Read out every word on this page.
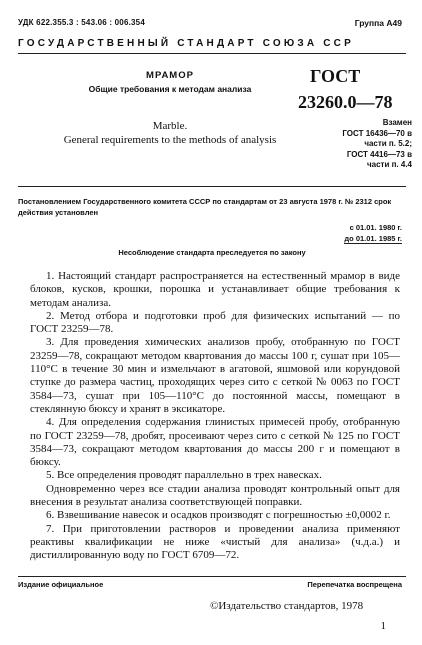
УДК 622.355.3 : 543.06 : 006.354	Группа А49
ГОСУДАРСТВЕННЫЙ СТАНДАРТ СОЮЗА ССР
МРАМОР
Общие требования к методам анализа
Marble.
General requirements to the methods of analysis
ГОСТ
23260.0—78
Взамен
ГОСТ 16436—70 в
части п. 5.2;
ГОСТ 4416—73 в
части п. 4.4
Постановлением Государственного комитета СССР по стандартам от 23 августа 1978 г. № 2312 срок действия установлен
с 01.01. 1980 г.
до 01.01. 1985 г.
Несоблюдение стандарта преследуется по закону

1. Настоящий стандарт распространяется на естественный мрамор в виде блоков, кусков, крошки, порошка и устанавливает общие требования к методам анализа.

2. Метод отбора и подготовки проб для физических испытаний — по ГОСТ 23259—78.

3. Для проведения химических анализов пробу, отобранную по ГОСТ 23259—78, сокращают методом квартования до массы 100 г, сушат при 105—110°С в течение 30 мин и измельчают в агатовой, яшмовой или корундовой ступке до размера частиц, проходящих через сито с сеткой № 0063 по ГОСТ 3584—73, сушат при 105—110°С до постоянной массы, помещают в стеклянную бюксу и хранят в эксикаторе.

4. Для определения содержания глинистых примесей пробу, отобранную по ГОСТ 23259—78, дробят, просеивают через сито с сеткой № 125 по ГОСТ 3584—73, сокращают методом квартования до массы 200 г и помещают в бюксу.

5. Все определения проводят параллельно в трех навесках.

Одновременно через все стадии анализа проводят контрольный опыт для внесения в результат анализа соответствующей поправки.

6. Взвешивание навесок и осадков производят с погрешностью ±0,0002 г.

7. При приготовлении растворов и проведении анализа применяют реактивы квалификации не ниже «чистый для анализа» (ч.д.а.) и дистиллированную воду по ГОСТ 6709—72.

Издание официальное	Перепечатка воспрещена
©Издательство стандартов, 1978
1
